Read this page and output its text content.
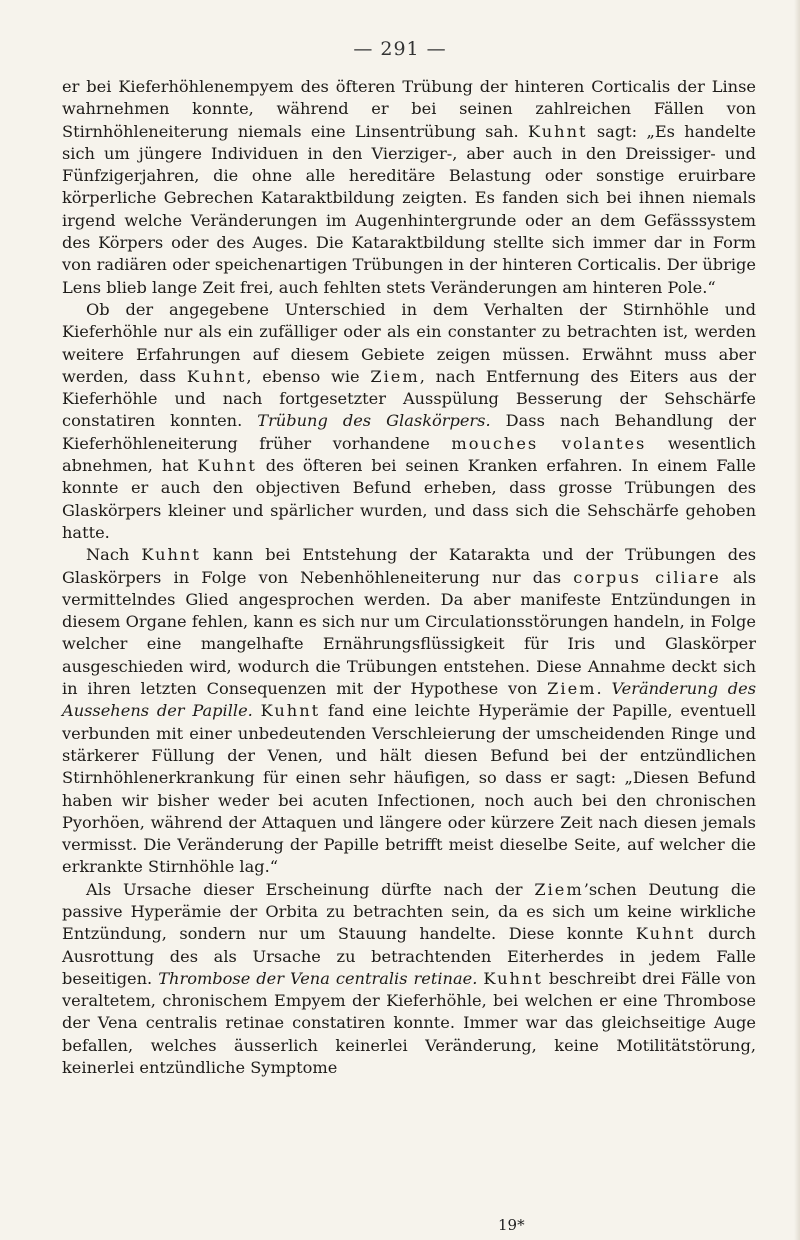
— 291 —

er bei Kieferhöhlenempyem des öfteren Trübung der hinteren Corticalis der Linse wahrnehmen konnte, während er bei seinen zahlreichen Fällen von Stirnhöhleneiterung niemals eine Linsentrübung sah. Kuhnt sagt: „Es handelte sich um jüngere Individuen in den Vierziger-, aber auch in den Dreissiger- und Fünfzigerjahren, die ohne alle hereditäre Belastung oder sonstige eruirbare körperliche Gebrechen Kataraktbildung zeigten. Es fanden sich bei ihnen niemals irgend welche Veränderungen im Augenhintergrunde oder an dem Gefässsystem des Körpers oder des Auges. Die Kataraktbildung stellte sich immer dar in Form von radiären oder speichenartigen Trübungen in der hinteren Corticalis. Der übrige Lens blieb lange Zeit frei, auch fehlten stets Veränderungen am hinteren Pole.“

Ob der angegebene Unterschied in dem Verhalten der Stirnhöhle und Kieferhöhle nur als ein zufälliger oder als ein constanter zu betrachten ist, werden weitere Erfahrungen auf diesem Gebiete zeigen müssen. Erwähnt muss aber werden, dass Kuhnt, ebenso wie Ziem, nach Entfernung des Eiters aus der Kieferhöhle und nach fortgesetzter Ausspülung Besserung der Sehschärfe constatiren konnten. Trübung des Glaskörpers. Dass nach Behandlung der Kieferhöhleneiterung früher vorhandene mouches volantes wesentlich abnehmen, hat Kuhnt des öfteren bei seinen Kranken erfahren. In einem Falle konnte er auch den objectiven Befund erheben, dass grosse Trübungen des Glaskörpers kleiner und spärlicher wurden, und dass sich die Sehschärfe gehoben hatte.

Nach Kuhnt kann bei Entstehung der Katarakta und der Trübungen des Glaskörpers in Folge von Nebenhöhleneiterung nur das corpus ciliare als vermittelndes Glied angesprochen werden. Da aber manifeste Entzündungen in diesem Organe fehlen, kann es sich nur um Circulationsstörungen handeln, in Folge welcher eine mangelhafte Ernährungsflüssigkeit für Iris und Glaskörper ausgeschieden wird, wodurch die Trübungen entstehen. Diese Annahme deckt sich in ihren letzten Consequenzen mit der Hypothese von Ziem. Veränderung des Aussehens der Papille. Kuhnt fand eine leichte Hyperämie der Papille, eventuell verbunden mit einer unbedeutenden Verschleierung der umscheidenden Ringe und stärkerer Füllung der Venen, und hält diesen Befund bei der entzündlichen Stirnhöhlenerkrankung für einen sehr häufigen, so dass er sagt: „Diesen Befund haben wir bisher weder bei acuten Infectionen, noch auch bei den chronischen Pyorhöen, während der Attaquen und längere oder kürzere Zeit nach diesen jemals vermisst. Die Veränderung der Papille betrifft meist dieselbe Seite, auf welcher die erkrankte Stirnhöhle lag.“

Als Ursache dieser Erscheinung dürfte nach der Ziem’schen Deutung die passive Hyperämie der Orbita zu betrachten sein, da es sich um keine wirkliche Entzündung, sondern nur um Stauung handelte. Diese konnte Kuhnt durch Ausrottung des als Ursache zu betrachtenden Eiterherdes in jedem Falle beseitigen. Thrombose der Vena centralis retinae. Kuhnt beschreibt drei Fälle von veraltetem, chronischem Empyem der Kieferhöhle, bei welchen er eine Thrombose der Vena centralis retinae constatiren konnte. Immer war das gleichseitige Auge befallen, welches äusserlich keinerlei Veränderung, keine Motilitätstörung, keinerlei entzündliche Symptome

19*
